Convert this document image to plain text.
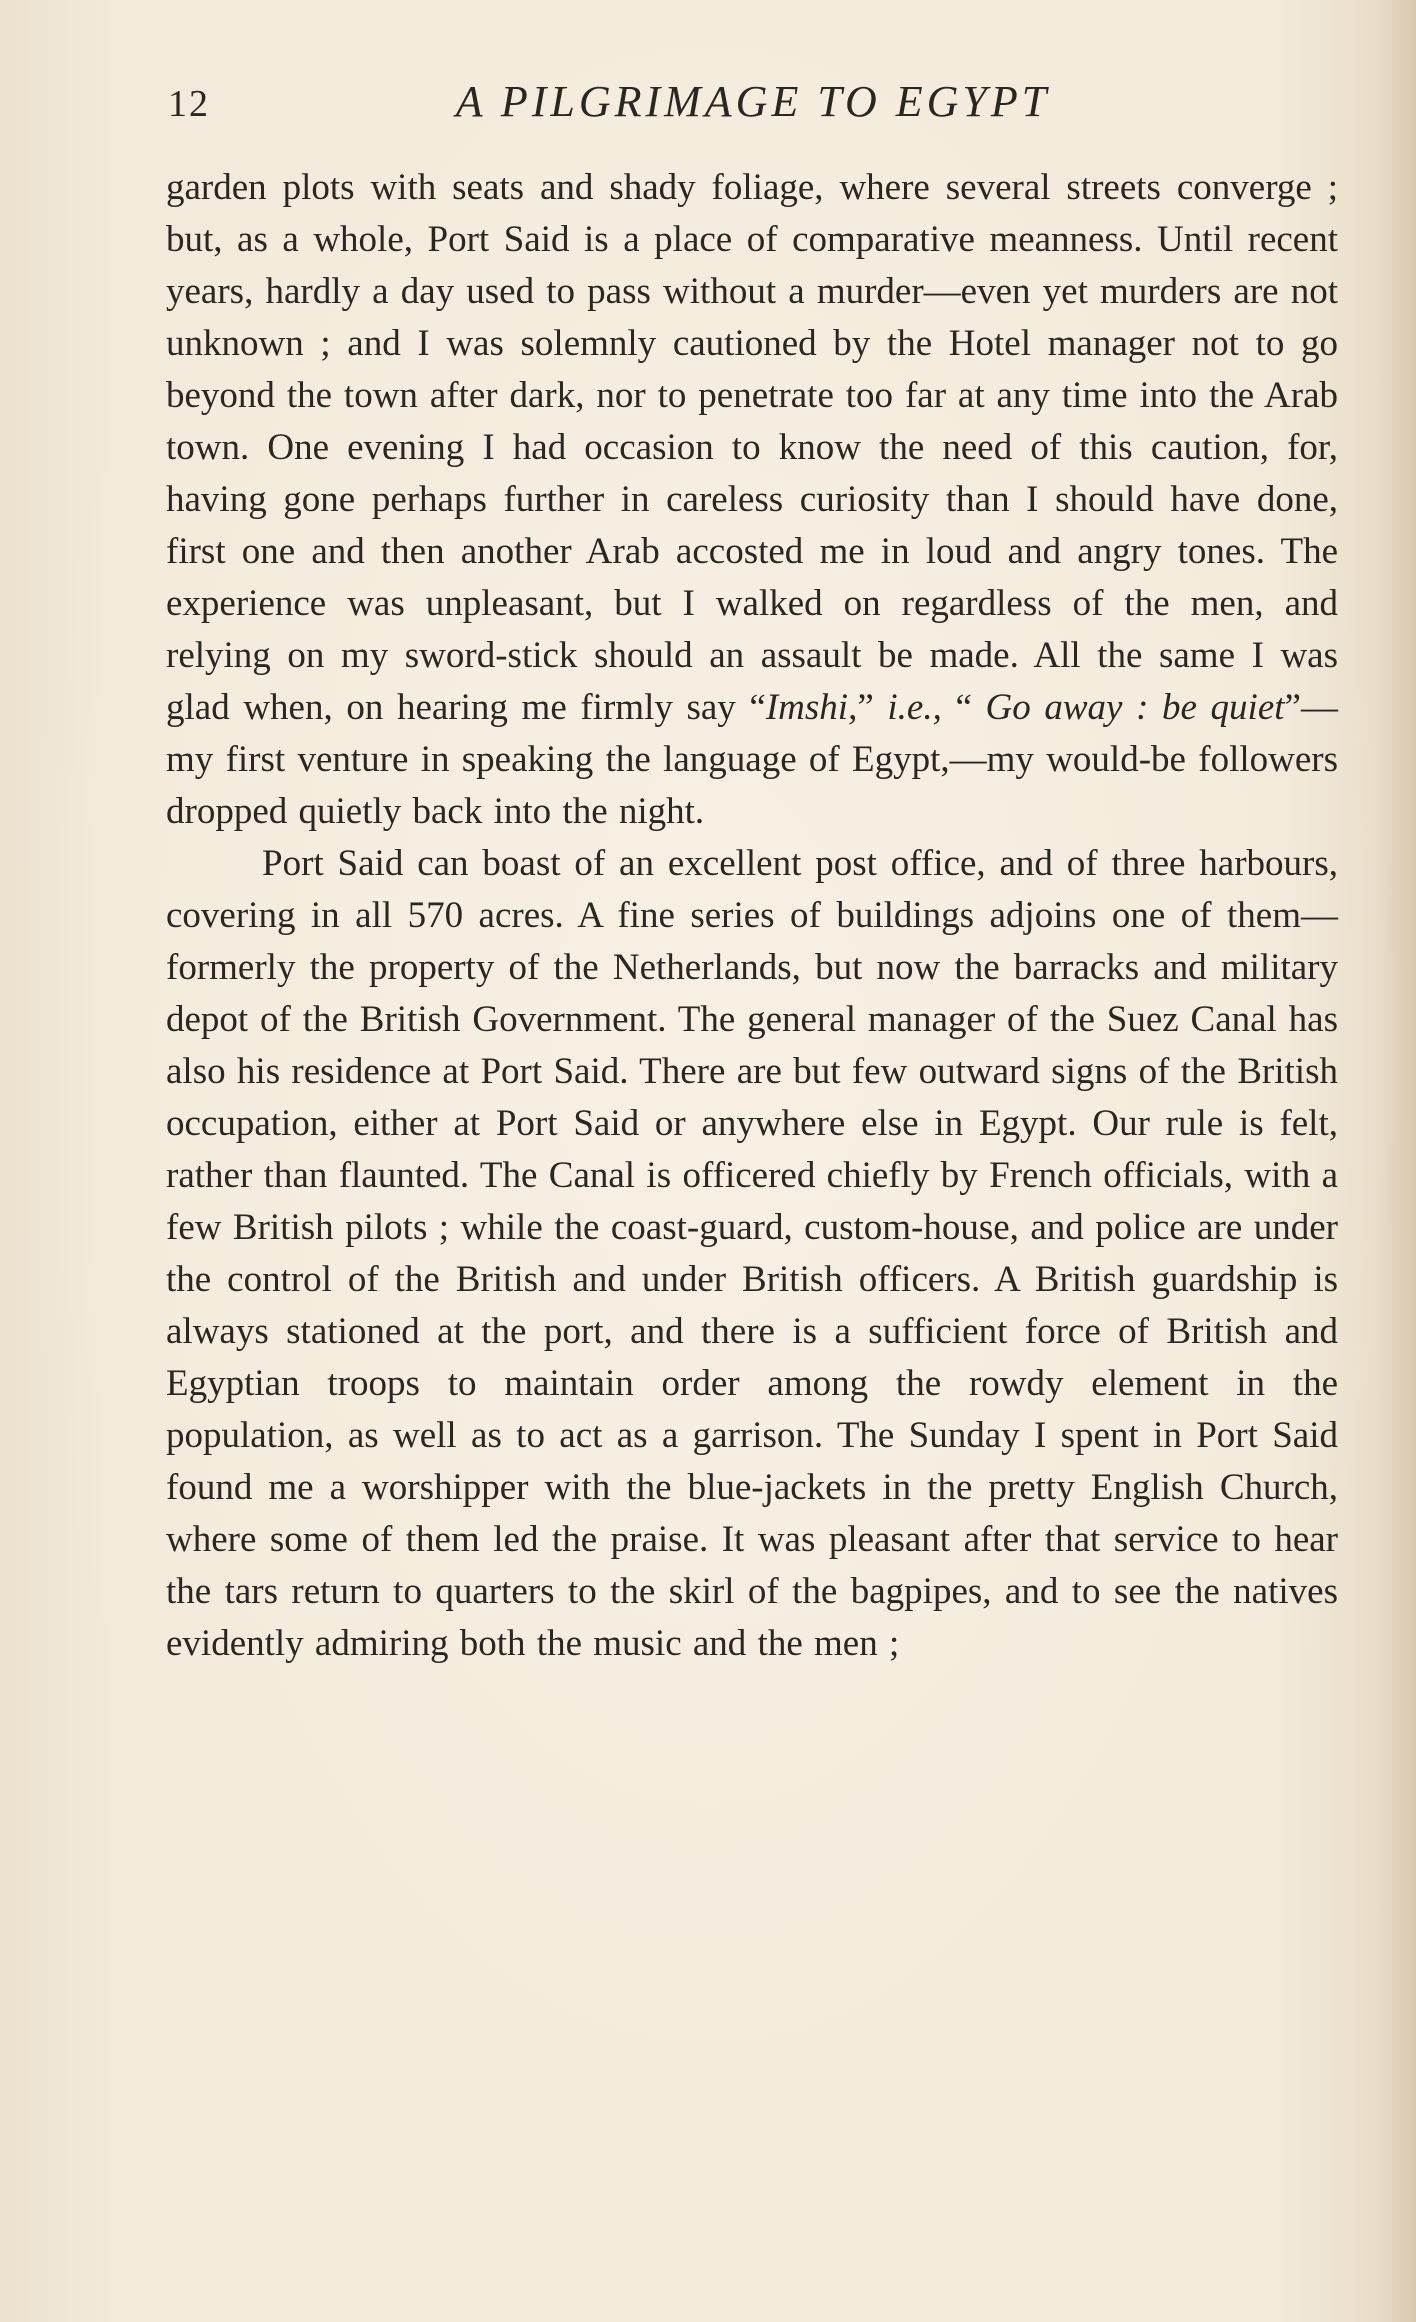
12	A PILGRIMAGE TO EGYPT

garden plots with seats and shady foliage, where several streets converge ; but, as a whole, Port Said is a place of comparative meanness. Until recent years, hardly a day used to pass without a murder—even yet murders are not unknown ; and I was solemnly cautioned by the Hotel manager not to go beyond the town after dark, nor to penetrate too far at any time into the Arab town. One evening I had occasion to know the need of this caution, for, having gone perhaps further in careless curiosity than I should have done, first one and then another Arab accosted me in loud and angry tones. The experience was unpleasant, but I walked on regardless of the men, and relying on my sword-stick should an assault be made. All the same I was glad when, on hearing me firmly say “Imshi,” i.e., “ Go away : be quiet”—my first venture in speaking the language of Egypt,—my would-be followers dropped quietly back into the night.

Port Said can boast of an excellent post office, and of three harbours, covering in all 570 acres. A fine series of buildings adjoins one of them—formerly the property of the Netherlands, but now the barracks and military depot of the British Government. The general manager of the Suez Canal has also his residence at Port Said. There are but few outward signs of the British occupation, either at Port Said or anywhere else in Egypt. Our rule is felt, rather than flaunted. The Canal is officered chiefly by French officials, with a few British pilots ; while the coast-guard, custom-house, and police are under the control of the British and under British officers. A British guardship is always stationed at the port, and there is a sufficient force of British and Egyptian troops to maintain order among the rowdy element in the population, as well as to act as a garrison. The Sunday I spent in Port Said found me a worshipper with the blue-jackets in the pretty English Church, where some of them led the praise. It was pleasant after that service to hear the tars return to quarters to the skirl of the bagpipes, and to see the natives evidently admiring both the music and the men ;
